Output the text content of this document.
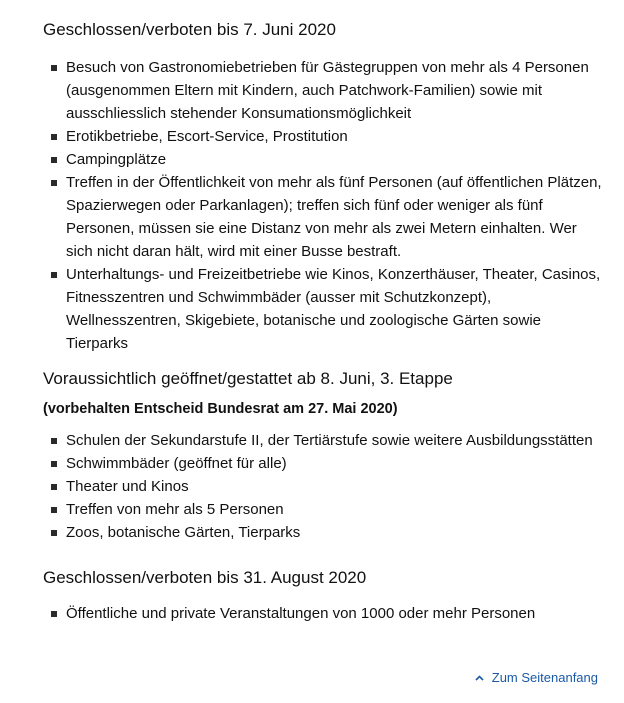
Geschlossen/verboten bis 7. Juni 2020
Besuch von Gastronomiebetrieben für Gästegruppen von mehr als 4 Personen (ausgenommen Eltern mit Kindern, auch Patchwork-Familien) sowie mit ausschliesslich stehender Konsumationsmöglichkeit
Erotikbetriebe, Escort-Service, Prostitution
Campingplätze
Treffen in der Öffentlichkeit von mehr als fünf Personen (auf öffentlichen Plätzen, Spazierwegen oder Parkanlagen); treffen sich fünf oder weniger als fünf Personen, müssen sie eine Distanz von mehr als zwei Metern einhalten. Wer sich nicht daran hält, wird mit einer Busse bestraft.
Unterhaltungs- und Freizeitbetriebe wie Kinos, Konzerthäuser, Theater, Casinos, Fitnesszentren und Schwimmbäder (ausser mit Schutzkonzept), Wellnesszentren, Skigebiete, botanische und zoologische Gärten sowie Tierparks
Voraussichtlich geöffnet/gestattet ab 8. Juni, 3. Etappe

(vorbehalten Entscheid Bundesrat am 27. Mai 2020)

Schulen der Sekundarstufe II, der Tertiärstufe sowie weitere Ausbildungsstätten
Schwimmbäder (geöffnet für alle)
Theater und Kinos
Treffen von mehr als 5 Personen
Zoos, botanische Gärten, Tierparks
Geschlossen/verboten bis 31. August 2020
Öffentliche und private Veranstaltungen von 1000 oder mehr Personen
Zum Seitenanfang
